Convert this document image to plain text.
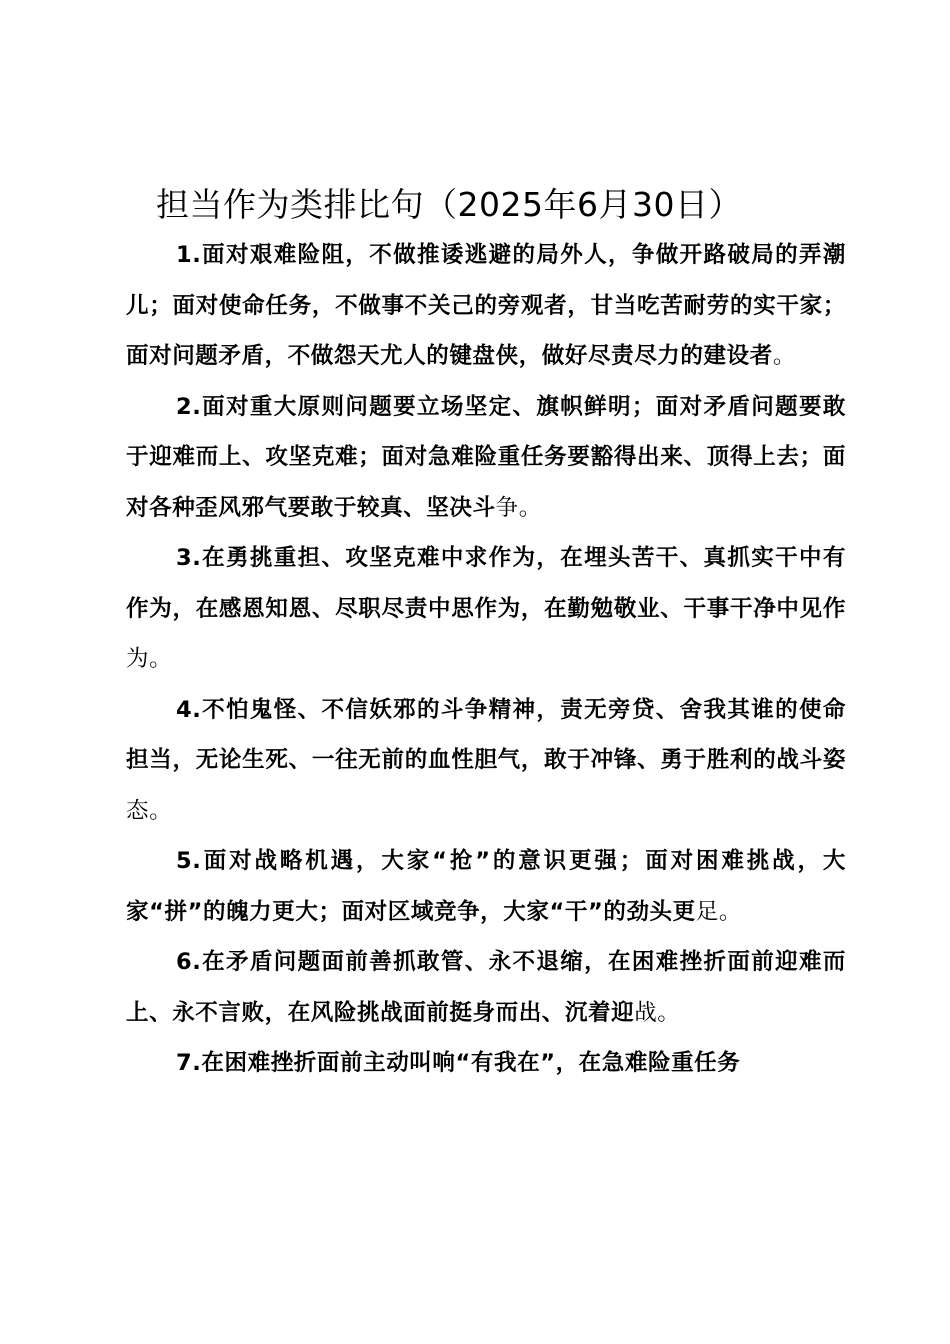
担当作为类排比句（2025年6月30日）

1.面对艰难险阻，不做推诿逃避的局外人，争做开路破局的弄潮儿；面对使命任务，不做事不关己的旁观者，甘当吃苦耐劳的实干家；面对问题矛盾，不做怨天尤人的键盘侠，做好尽责尽力的建设者。

2.面对重大原则问题要立场坚定、旗帜鲜明；面对矛盾问题要敢于迎难而上、攻坚克难；面对急难险重任务要豁得出来、顶得上去；面对各种歪风邪气要敢于较真、坚决斗争。

3.在勇挑重担、攻坚克难中求作为，在埋头苦干、真抓实干中有作为，在感恩知恩、尽职尽责中思作为，在勤勉敬业、干事干净中见作为。

4.不怕鬼怪、不信妖邪的斗争精神，责无旁贷、舍我其谁的使命担当，无论生死、一往无前的血性胆气，敢于冲锋、勇于胜利的战斗姿态。

5.面对战略机遇，大家“抢”的意识更强；面对困难挑战，大家“拼”的魄力更大；面对区域竞争，大家“干”的劲头更足。

6.在矛盾问题面前善抓敢管、永不退缩，在困难挫折面前迎难而上、永不言败，在风险挑战面前挺身而出、沉着迎战。

7.在困难挫折面前主动叫响“有我在”，在急难险重任务
